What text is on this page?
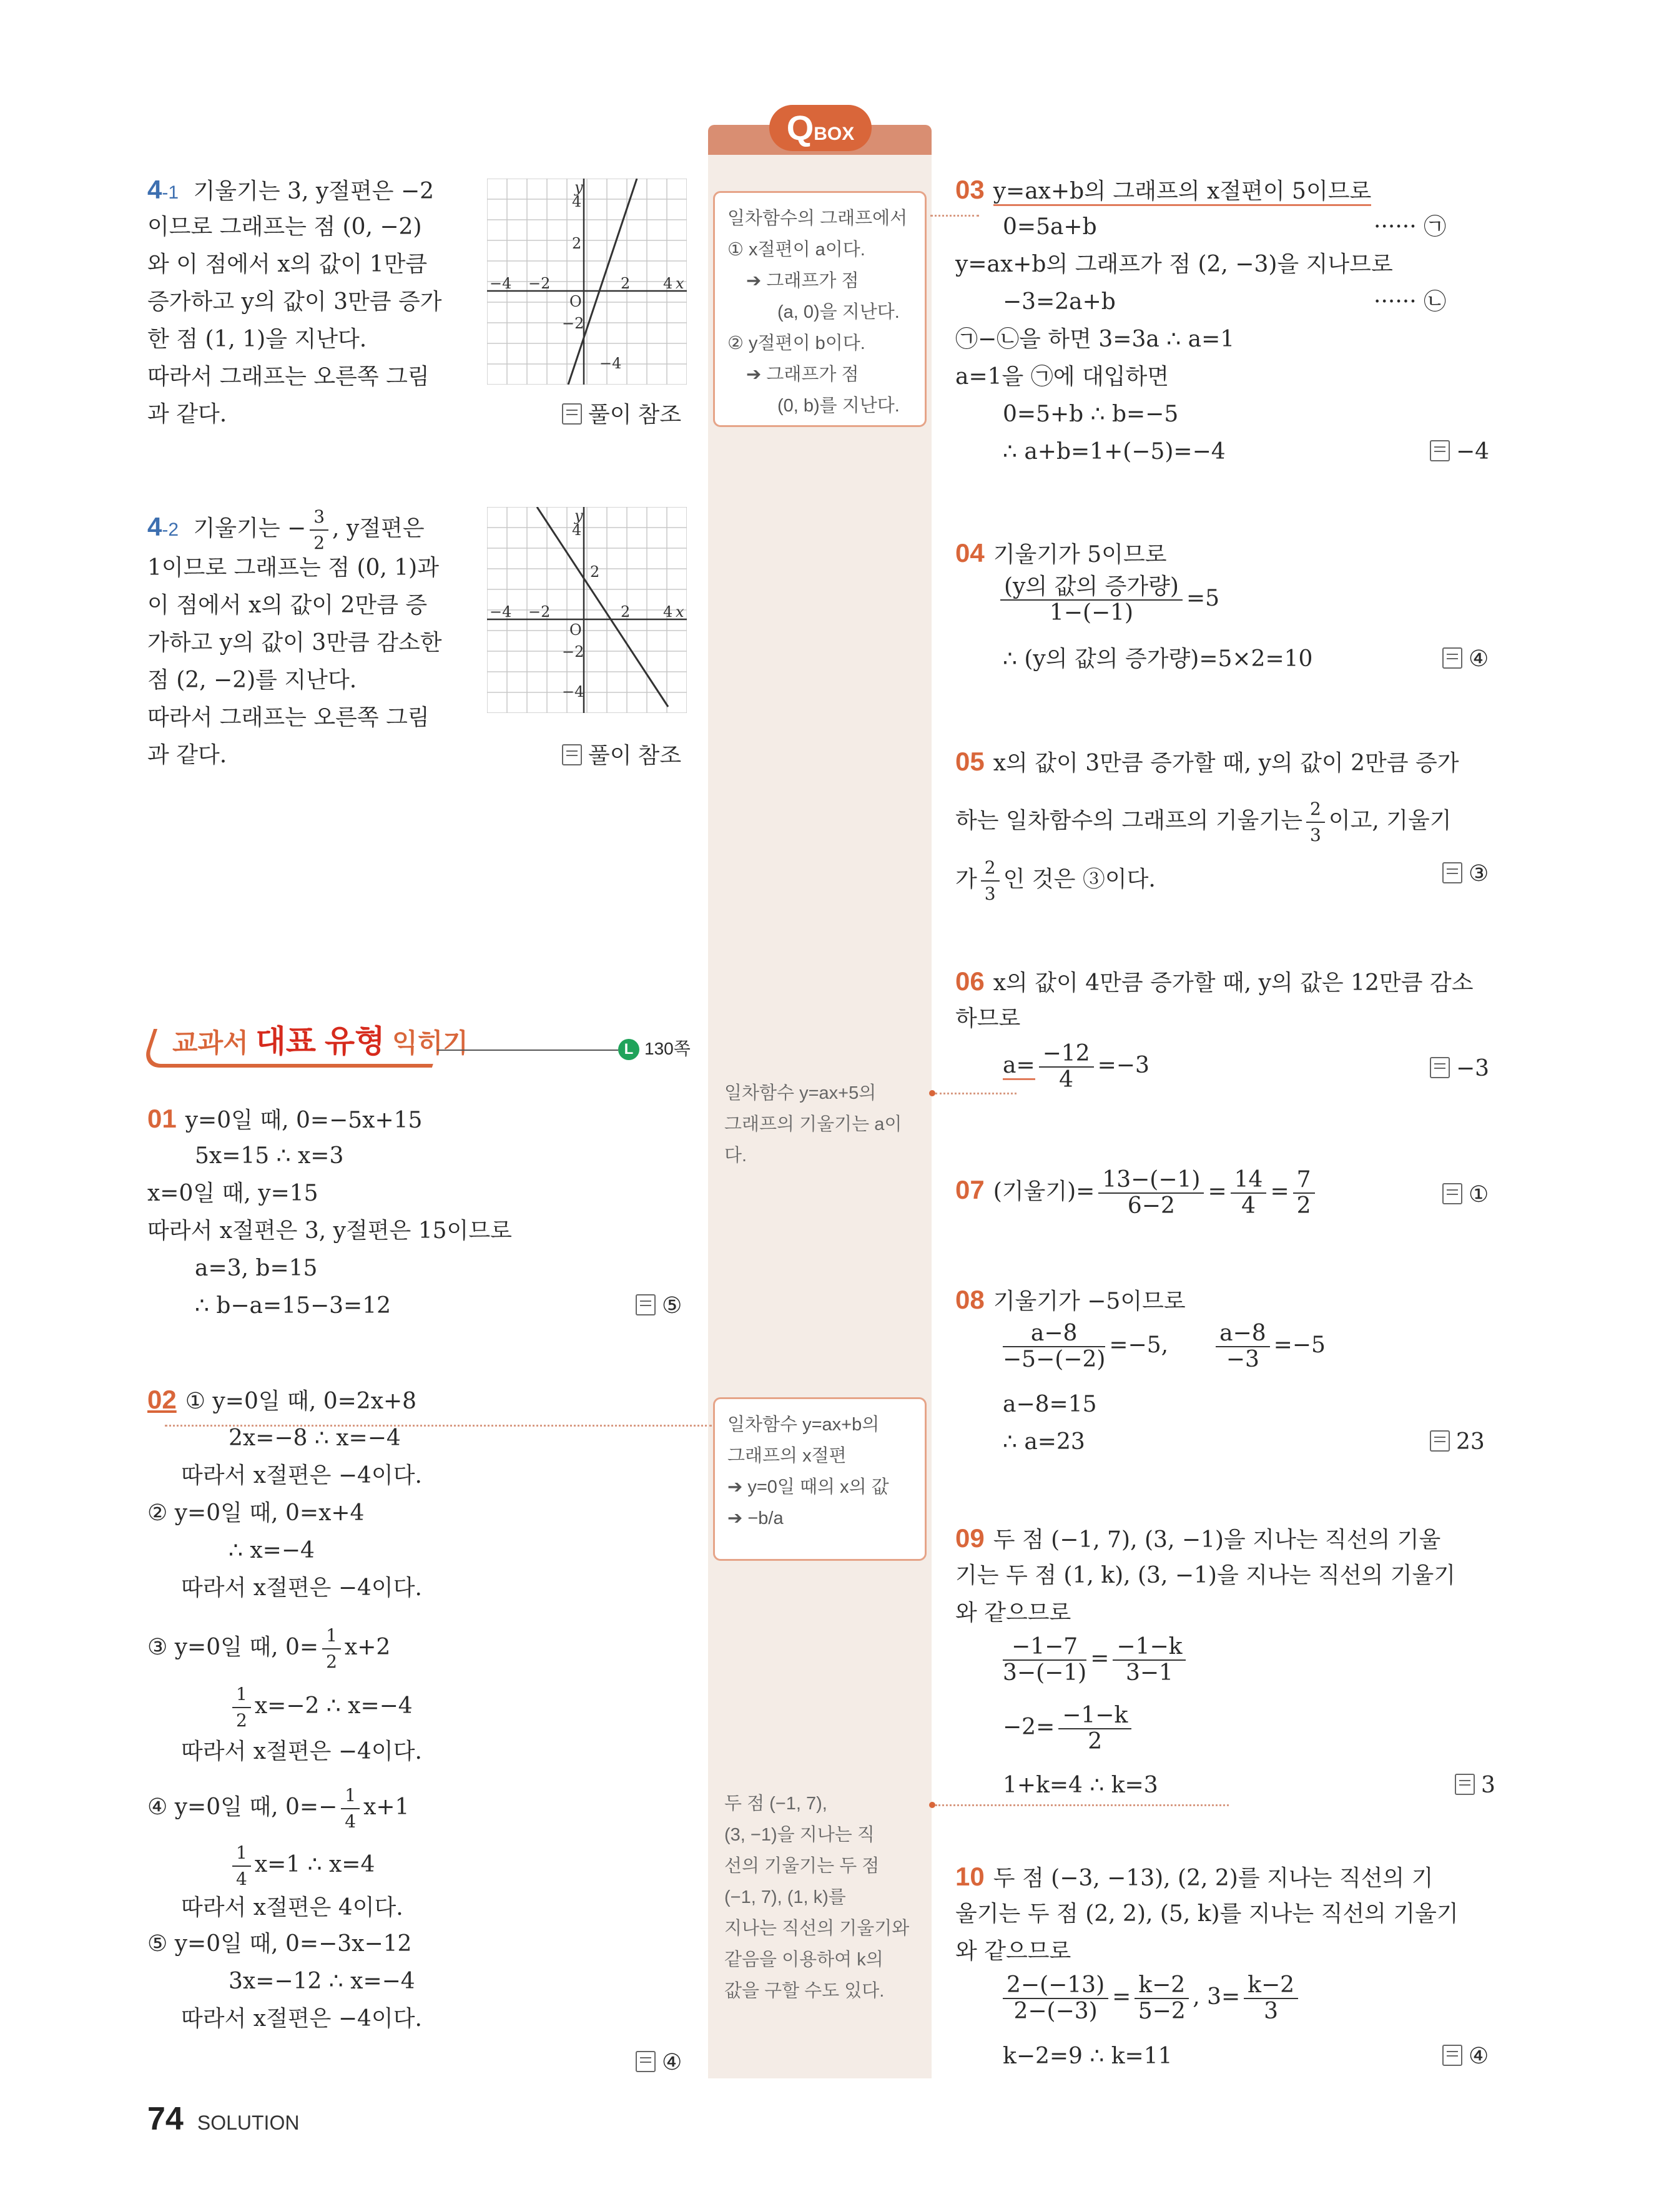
QBOX
일차함수의 그래프에서
① x절편이 a이다.
➔ 그래프가 점
(a, 0)을 지난다.
② y절편이 b이다.
➔ 그래프가 점
(0, b)를 지난다.
일차함수 y=ax+5의
그래프의 기울기는 a이
다.
일차함수 y=ax+b의
그래프의 x절편
➔ y=0일 때의 x의 값
➔ −b/a
두 점 (−1, 7),
(3, −1)을 지나는 직
선의 기울기는 두 점
(−1, 7), (1, k)를
지나는 직선의 기울기와
같음을 이용하여 k의
값을 구할 수도 있다.
4-1 기울기는 3, y절편은 −2
이므로 그래프는 점 (0, −2)
와 이 점에서 x의 값이 1만큼
증가하고 y의 값이 3만큼 증가
한 점 (1, 1)을 지난다.
따라서 그래프는 오른쪽 그림
과 같다.	풀이 참조
y
x
O
4
2
−2
−4
−4 −2	2 4
4-2 기울기는 − $\frac{3}{2}$ , y절편은
1이므로 그래프는 점 (0, 1)과
이 점에서 x의 값이 2만큼 증
가하고 y의 값이 3만큼 감소한
점 (2, −2)를 지난다.
따라서 그래프는 오른쪽 그림
과 같다.	풀이 참조
y
x
O
4
2
−2
−4
−4 −2	2 4
교과서 대표 유형 익히기	L 130쪽
01 y=0일 때, 0=−5x+15
5x=15 ∴ x=3
x=0일 때, y=15
따라서 x절편은 3, y절편은 15이므로
a=3, b=15
∴ b−a=15−3=12	⑤
02 ① y=0일 때, 0=2x+8
2x=−8 ∴ x=−4
따라서 x절편은 −4이다.
② y=0일 때, 0=x+4
∴ x=−4
따라서 x절편은 −4이다.
③ y=0일 때, $0= \frac{1}{2} x+2$
$\frac{1}{2} x=-2$ ∴ x=−4
따라서 x절편은 −4이다.
④ y=0일 때, $0=- \frac{1}{4} x+1$
$\frac{1}{4} x=1$ ∴ x=4
따라서 x절편은 4이다.
⑤ y=0일 때, 0=−3x−12
3x=−12 ∴ x=−4
따라서 x절편은 −4이다.
④
03 y=ax+b의 그래프의 x절편이 5이므로
0=5a+b	······ ㉠
y=ax+b의 그래프가 점 (2, −3)을 지나므로
−3=2a+b	······ ㉡
㉠−㉡을 하면 3=3a ∴ a=1
a=1을 ㉠에 대입하면
0=5+b ∴ b=−5
∴ a+b=1+(−5)=−4	−4
04 기울기가 5이므로
$\frac{\text{(y의 값의 증가량)}}{1-(-1)} =5$
∴ (y의 값의 증가량)=5×2=10	④
05 x의 값이 3만큼 증가할 때, y의 값이 2만큼 증가
하는 일차함수의 그래프의 기울기는 $\frac{2}{3}$ 이고, 기울기
가 $\frac{2}{3}$ 인 것은 ③이다.	③
06 x의 값이 4만큼 증가할 때, y의 값은 12만큼 감소
하므로
$a= \frac{-12}{4} =-3$	−3
07 (기울기)= $\frac{13-(-1)}{6-2} = \frac{14}{4} = \frac{7}{2}$	①
08 기울기가 −5이므로
$\frac{a-8}{-5-(-2)} =-5$, $\frac{a-8}{-3} =-5$
a−8=15
∴ a=23	23
09 두 점 (−1, 7), (3, −1)을 지나는 직선의 기울
기는 두 점 (1, k), (3, −1)을 지나는 직선의 기울기
와 같으므로
$\frac{-1-7}{3-(-1)} = \frac{-1-k}{3-1}$
$-2= \frac{-1-k}{2}$
1+k=4 ∴ k=3	3
10 두 점 (−3, −13), (2, 2)를 지나는 직선의 기
울기는 두 점 (2, 2), (5, k)를 지나는 직선의 기울기
와 같으므로
$\frac{2-(-13)}{2-(-3)} = \frac{k-2}{5-2}$ , $3= \frac{k-2}{3}$
k−2=9 ∴ k=11	④
74 SOLUTION
